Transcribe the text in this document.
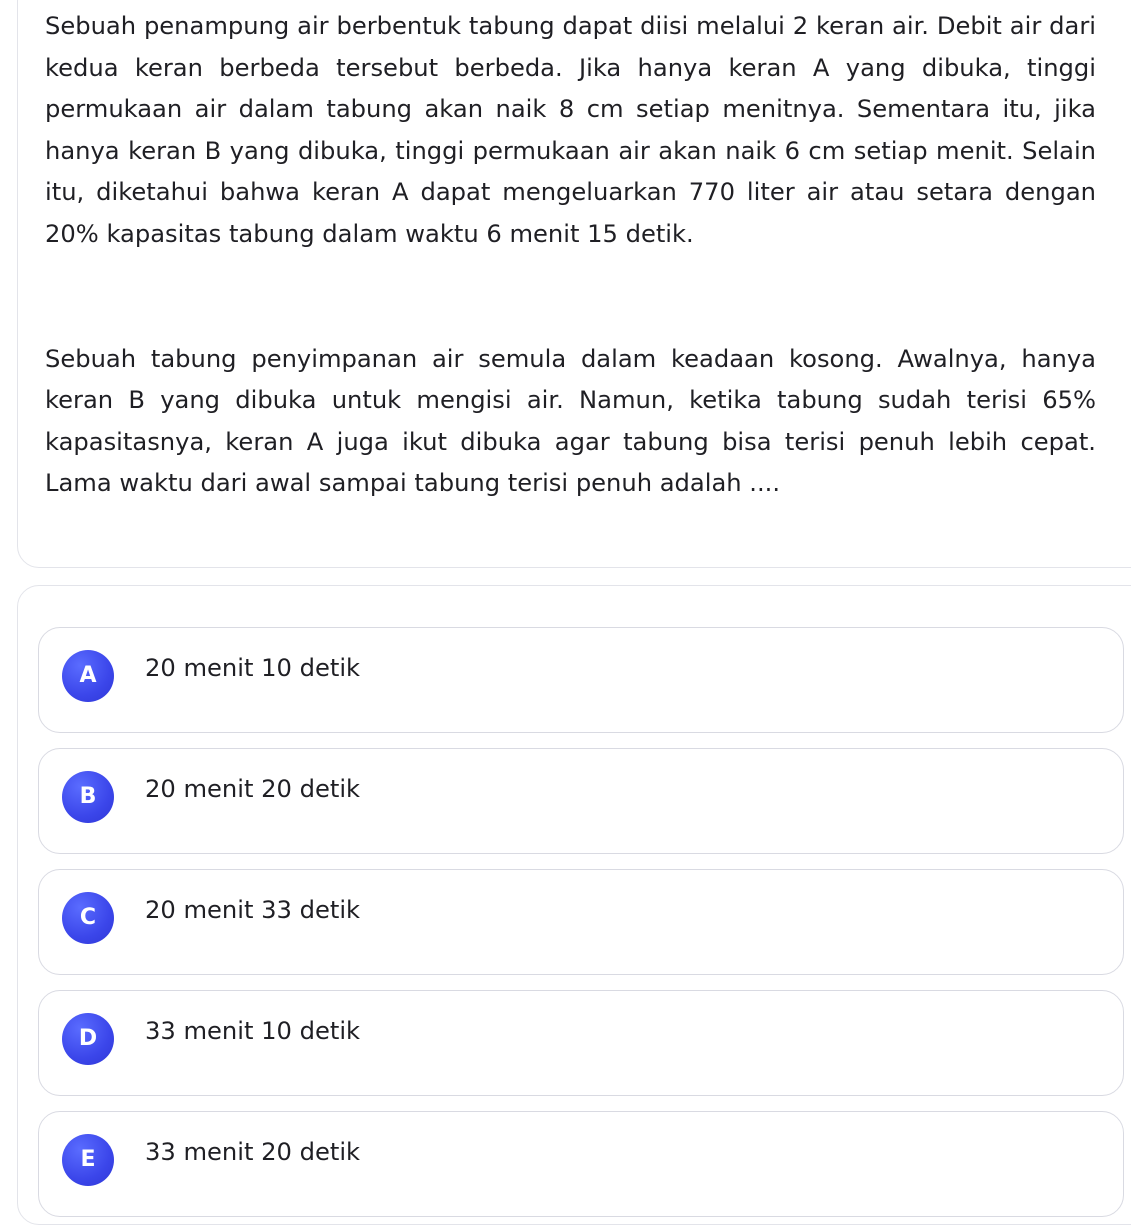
Sebuah penampung air berbentuk tabung dapat diisi melalui 2 keran air. Debit air dari kedua keran berbeda tersebut berbeda. Jika hanya keran A yang dibuka, tinggi permukaan air dalam tabung akan naik 8 cm setiap menitnya. Sementara itu, jika hanya keran B yang dibuka, tinggi permukaan air akan naik 6 cm setiap menit. Selain itu, diketahui bahwa keran A dapat mengeluarkan 770 liter air atau setara dengan 20% kapasitas tabung dalam waktu 6 menit 15 detik.

Sebuah tabung penyimpanan air semula dalam keadaan kosong. Awalnya, hanya keran B yang dibuka untuk mengisi air. Namun, ketika tabung sudah terisi 65% kapasitasnya, keran A juga ikut dibuka agar tabung bisa terisi penuh lebih cepat. Lama waktu dari awal sampai tabung terisi penuh adalah ....

A	20 menit 10 detik
B	20 menit 20 detik
C	20 menit 33 detik
D	33 menit 10 detik
E	33 menit 20 detik
